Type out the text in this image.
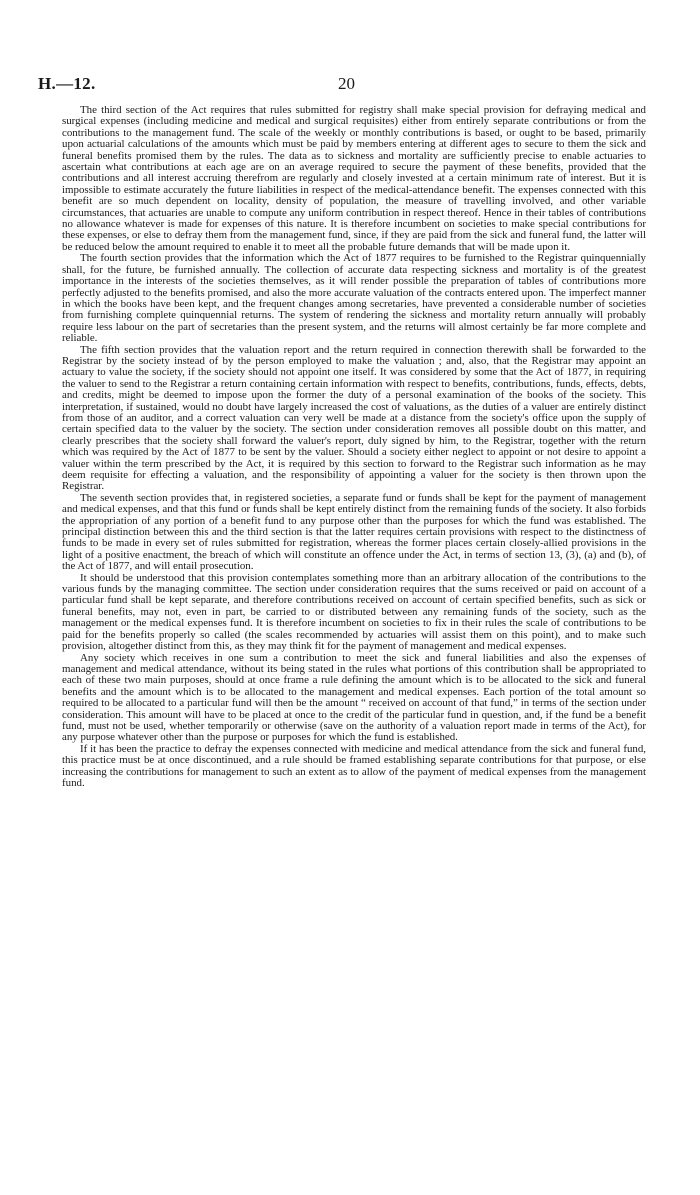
H.—12.	20

The third section of the Act requires that rules submitted for registry shall make special provision for defraying medical and surgical expenses (including medicine and medical and surgical requisites) either from entirely separate contributions or from the contributions to the management fund. The scale of the weekly or monthly contributions is based, or ought to be based, primarily upon actuarial calculations of the amounts which must be paid by members entering at different ages to secure to them the sick and funeral benefits promised them by the rules. The data as to sickness and mortality are sufficiently precise to enable actuaries to ascertain what contributions at each age are on an average required to secure the payment of these benefits, provided that the contributions and all interest accruing therefrom are regularly and closely invested at a certain minimum rate of interest. But it is impossible to estimate accurately the future liabilities in respect of the medical-attendance benefit. The expenses connected with this benefit are so much dependent on locality, density of population, the measure of travelling involved, and other variable circumstances, that actuaries are unable to compute any uniform contribution in respect thereof. Hence in their tables of contributions no allowance whatever is made for expenses of this nature. It is therefore incumbent on societies to make special contributions for these expenses, or else to defray them from the management fund, since, if they are paid from the sick and funeral fund, the latter will be reduced below the amount required to enable it to meet all the probable future demands that will be made upon it.

The fourth section provides that the information which the Act of 1877 requires to be furnished to the Registrar quinquennially shall, for the future, be furnished annually. The collection of accurate data respecting sickness and mortality is of the greatest importance in the interests of the societies themselves, as it will render possible the preparation of tables of contributions more perfectly adjusted to the benefits promised, and also the more accurate valuation of the contracts entered upon. The imperfect manner in which the books have been kept, and the frequent changes among secretaries, have prevented a considerable number of societies from furnishing complete quinquennial returns. The system of rendering the sickness and mortality return annually will probably require less labour on the part of secretaries than the present system, and the returns will almost certainly be far more complete and reliable.

The fifth section provides that the valuation report and the return required in connection therewith shall be forwarded to the Registrar by the society instead of by the person employed to make the valuation ; and, also, that the Registrar may appoint an actuary to value the society, if the society should not appoint one itself. It was considered by some that the Act of 1877, in requiring the valuer to send to the Registrar a return containing certain information with respect to benefits, contributions, funds, effects, debts, and credits, might be deemed to impose upon the former the duty of a personal examination of the books of the society. This interpretation, if sustained, would no doubt have largely increased the cost of valuations, as the duties of a valuer are entirely distinct from those of an auditor, and a correct valuation can very well be made at a distance from the society's office upon the supply of certain specified data to the valuer by the society. The section under consideration removes all possible doubt on this matter, and clearly prescribes that the society shall forward the valuer's report, duly signed by him, to the Registrar, together with the return which was required by the Act of 1877 to be sent by the valuer. Should a society either neglect to appoint or not desire to appoint a valuer within the term prescribed by the Act, it is required by this section to forward to the Registrar such information as he may deem requisite for effecting a valuation, and the responsibility of appointing a valuer for the society is then thrown upon the Registrar.

The seventh section provides that, in registered societies, a separate fund or funds shall be kept for the payment of management and medical expenses, and that this fund or funds shall be kept entirely distinct from the remaining funds of the society. It also forbids the appropriation of any portion of a benefit fund to any purpose other than the purposes for which the fund was established. The principal distinction between this and the third section is that the latter requires certain provisions with respect to the distinctness of funds to be made in every set of rules submitted for registration, whereas the former places certain closely-allied provisions in the light of a positive enactment, the breach of which will constitute an offence under the Act, in terms of section 13, (3), (a) and (b), of the Act of 1877, and will entail prosecution.

It should be understood that this provision contemplates something more than an arbitrary allocation of the contributions to the various funds by the managing committee. The section under consideration requires that the sums received or paid on account of a particular fund shall be kept separate, and therefore contributions received on account of certain specified benefits, such as sick or funeral benefits, may not, even in part, be carried to or distributed between any remaining funds of the society, such as the management or the medical expenses fund. It is therefore incumbent on societies to fix in their rules the scale of contributions to be paid for the benefits properly so called (the scales recommended by actuaries will assist them on this point), and to make such provision, altogether distinct from this, as they may think fit for the payment of management and medical expenses.

Any society which receives in one sum a contribution to meet the sick and funeral liabilities and also the expenses of management and medical attendance, without its being stated in the rules what portions of this contribution shall be appropriated to each of these two main purposes, should at once frame a rule defining the amount which is to be allocated to the sick and funeral benefits and the amount which is to be allocated to the management and medical expenses. Each portion of the total amount so required to be allocated to a particular fund will then be the amount “ received on account of that fund,” in terms of the section under consideration. This amount will have to be placed at once to the credit of the particular fund in question, and, if the fund be a benefit fund, must not be used, whether temporarily or otherwise (save on the authority of a valuation report made in terms of the Act), for any purpose whatever other than the purpose or purposes for which the fund is established.

If it has been the practice to defray the expenses connected with medicine and medical attendance from the sick and funeral fund, this practice must be at once discontinued, and a rule should be framed establishing separate contributions for that purpose, or else increasing the contributions for management to such an extent as to allow of the payment of medical expenses from the management fund.
